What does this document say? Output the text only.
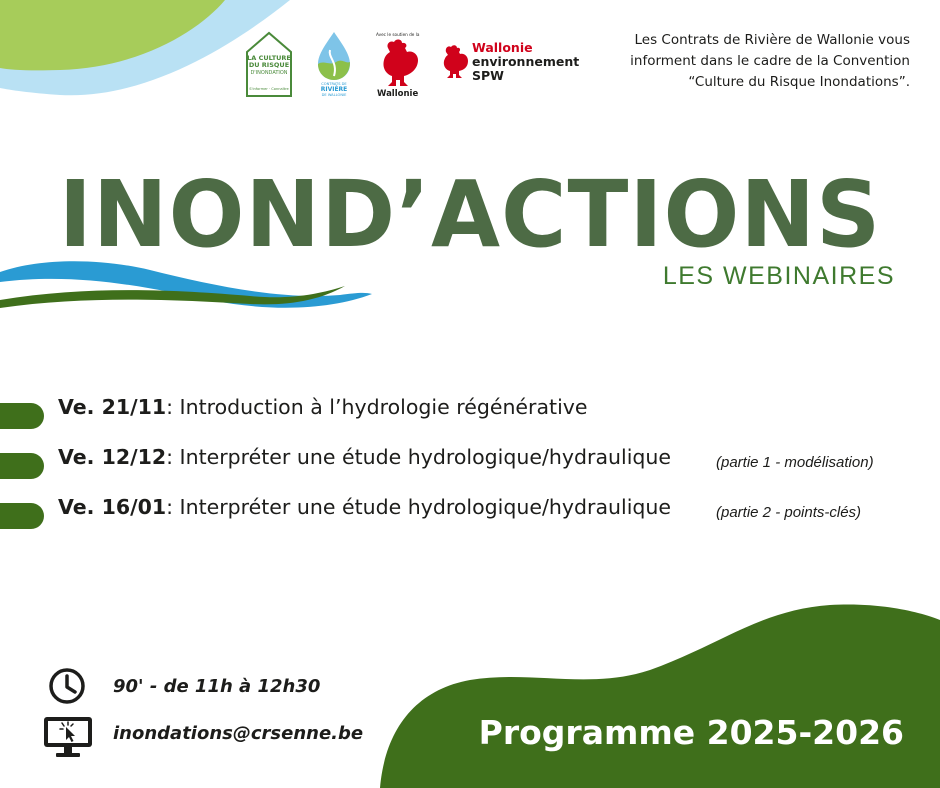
LA CULTURE
DU RISQUE
D'INONDATION
S'informer · Connaître
CONTRATS DE
RIVIÈRE
DE WALLONIE
Avec le soutien de la
Wallonie
Wallonie
environnement
SPW
Les Contrats de Rivière de Wallonie vous
informent dans le cadre de la Convention
“Culture du Risque Inondations”.
INOND’ACTIONS
LES WEBINAIRES
Ve. 21/11: Introduction à l’hydrologie régénérative
Ve. 12/12: Interpréter une étude hydrologique/hydraulique	(partie 1 - modélisation)
Ve. 16/01: Interpréter une étude hydrologique/hydraulique	(partie 2 - points-clés)
90' - de 11h à 12h30
inondations@crsenne.be	Programme 2025-2026
